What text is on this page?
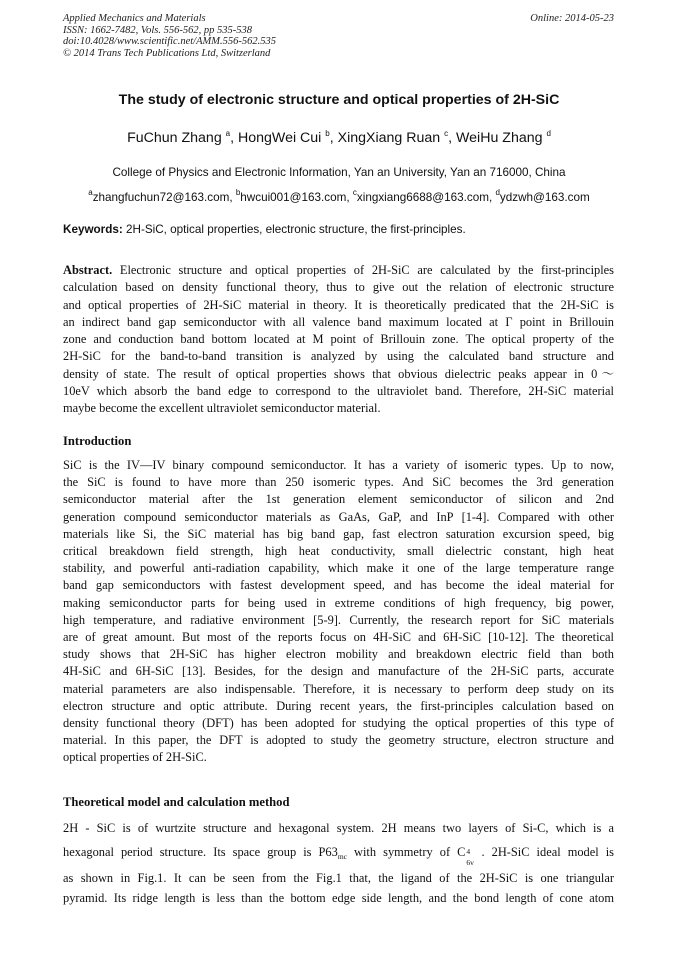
Applied Mechanics and Materials
ISSN: 1662-7482, Vols. 556-562, pp 535-538
doi:10.4028/www.scientific.net/AMM.556-562.535
© 2014 Trans Tech Publications Ltd, Switzerland
Online: 2014-05-23
The study of electronic structure and optical properties of 2H-SiC
FuChun Zhang $^a$, HongWei Cui $^b$, XingXiang Ruan $^c$, WeiHu Zhang $^d$
College of Physics and Electronic Information, Yan an University, Yan an 716000, China
$^a$zhangfuchun72@163.com, $^b$hwcui001@163.com, $^c$xingxiang6688@163.com, $^d$ydzwh@163.com
Keywords: 2H-SiC, optical properties, electronic structure, the first-principles.
Abstract. Electronic structure and optical properties of 2H-SiC are calculated by the first-principles
calculation based on density functional theory, thus to give out the relation of electronic structure
and optical properties of 2H-SiC material in theory. It is theoretically predicated that the 2H-SiC is
an indirect band gap semiconductor with all valence band maximum located at Γ point in Brillouin
zone and conduction band bottom located at M point of Brillouin zone. The optical property of the
2H-SiC for the band-to-band transition is analyzed by using the calculated band structure and
density of state. The result of optical properties shows that obvious dielectric peaks appear in 0～
10eV which absorb the band edge to correspond to the ultraviolet band. Therefore, 2H-SiC material
maybe become the excellent ultraviolet semiconductor material.
Introduction
SiC is the IV—IV binary compound semiconductor. It has a variety of isomeric types. Up to now,
the SiC is found to have more than 250 isomeric types. And SiC becomes the 3rd generation
semiconductor material after the 1st generation element semiconductor of silicon and 2nd
generation compound semiconductor materials as GaAs, GaP, and InP [1-4]. Compared with other
materials like Si, the SiC material has big band gap, fast electron saturation excursion speed, big
critical breakdown field strength, high heat conductivity, small dielectric constant, high heat
stability, and powerful anti-radiation capability, which make it one of the large temperature range
band gap semiconductors with fastest development speed, and has become the ideal material for
making semiconductor parts for being used in extreme conditions of high frequency, big power,
high temperature, and radiative environment [5-9]. Currently, the research report for SiC materials
are of great amount. But most of the reports focus on 4H-SiC and 6H-SiC [10-12]. The theoretical
study shows that 2H-SiC has higher electron mobility and breakdown electric field than both
4H-SiC and 6H-SiC [13]. Besides, for the design and manufacture of the 2H-SiC parts, accurate
material parameters are also indispensable. Therefore, it is necessary to perform deep study on its
electron structure and optic attribute. During recent years, the first-principles calculation based on
density functional theory (DFT) has been adopted for studying the optical properties of this type of
material. In this paper, the DFT is adopted to study the geometry structure, electron structure and
optical properties of 2H-SiC.
Theoretical model and calculation method
2H - SiC is of wurtzite structure and hexagonal system. 2H means two layers of Si-C, which is a
hexagonal period structure. Its space group is $P63_{mc}$ with symmetry of C 4
6v
. 2H-SiC ideal model is
as shown in Fig.1. It can be seen from the Fig.1 that, the ligand of the 2H-SiC is one triangular
pyramid. Its ridge length is less than the bottom edge side length, and the bond length of cone atom
